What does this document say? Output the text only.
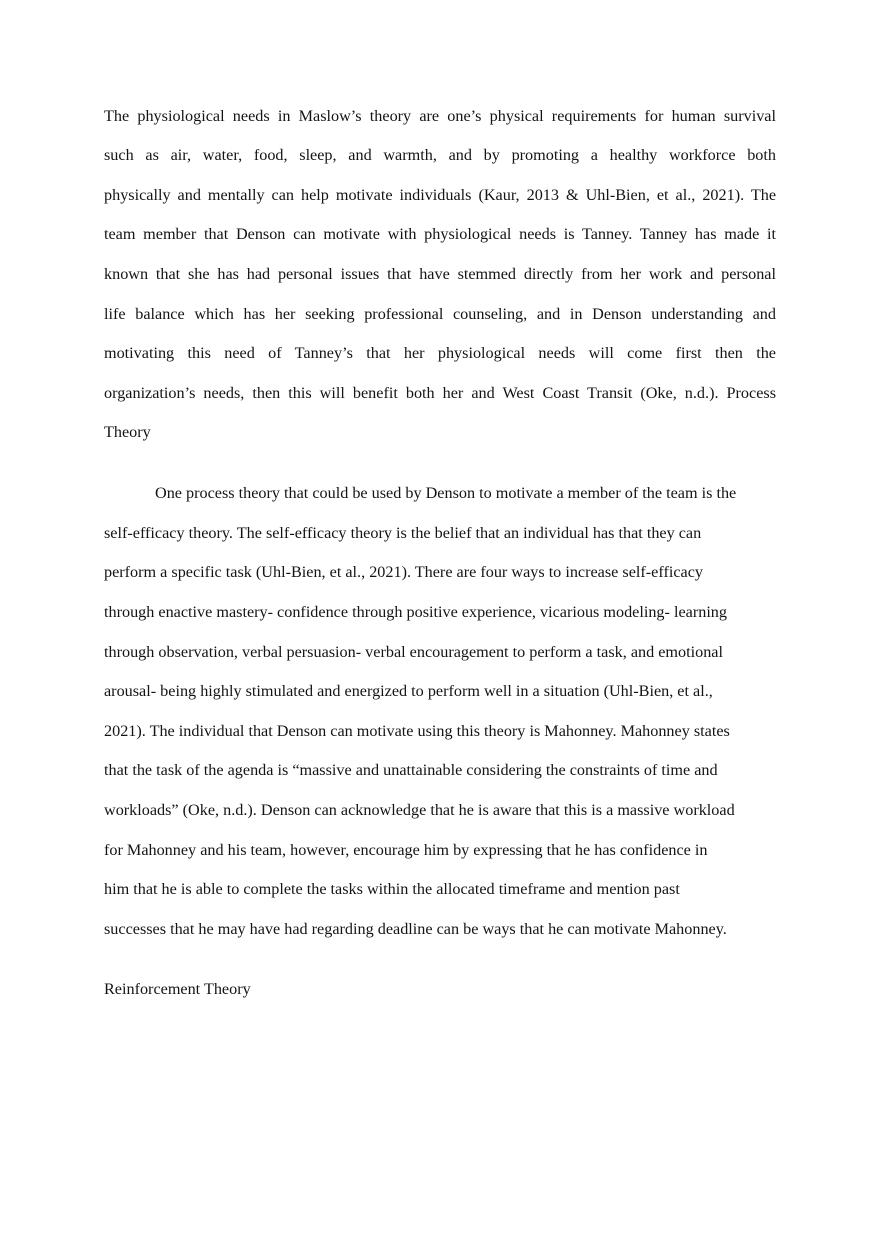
The physiological needs in Maslow’s theory are one’s physical requirements for human survival
such as air, water, food, sleep, and warmth, and by promoting a healthy workforce both
physically and mentally can help motivate individuals (Kaur, 2013 & Uhl-Bien, et al., 2021). The
team member that Denson can motivate with physiological needs is Tanney. Tanney has made it
known that she has had personal issues that have stemmed directly from her work and personal
life balance which has her seeking professional counseling, and in Denson understanding and
motivating this need of Tanney’s that her physiological needs will come first then the
organization’s needs, then this will benefit both her and West Coast Transit (Oke, n.d.). Process
Theory
One process theory that could be used by Denson to motivate a member of the team is the
self-efficacy theory. The self-efficacy theory is the belief that an individual has that they can
perform a specific task (Uhl-Bien, et al., 2021). There are four ways to increase self-efficacy
through enactive mastery- confidence through positive experience, vicarious modeling- learning
through observation, verbal persuasion- verbal encouragement to perform a task, and emotional
arousal- being highly stimulated and energized to perform well in a situation (Uhl-Bien, et al.,
2021). The individual that Denson can motivate using this theory is Mahonney. Mahonney states
that the task of the agenda is “massive and unattainable considering the constraints of time and
workloads” (Oke, n.d.). Denson can acknowledge that he is aware that this is a massive workload
for Mahonney and his team, however, encourage him by expressing that he has confidence in
him that he is able to complete the tasks within the allocated timeframe and mention past
successes that he may have had regarding deadline can be ways that he can motivate Mahonney.
Reinforcement Theory
